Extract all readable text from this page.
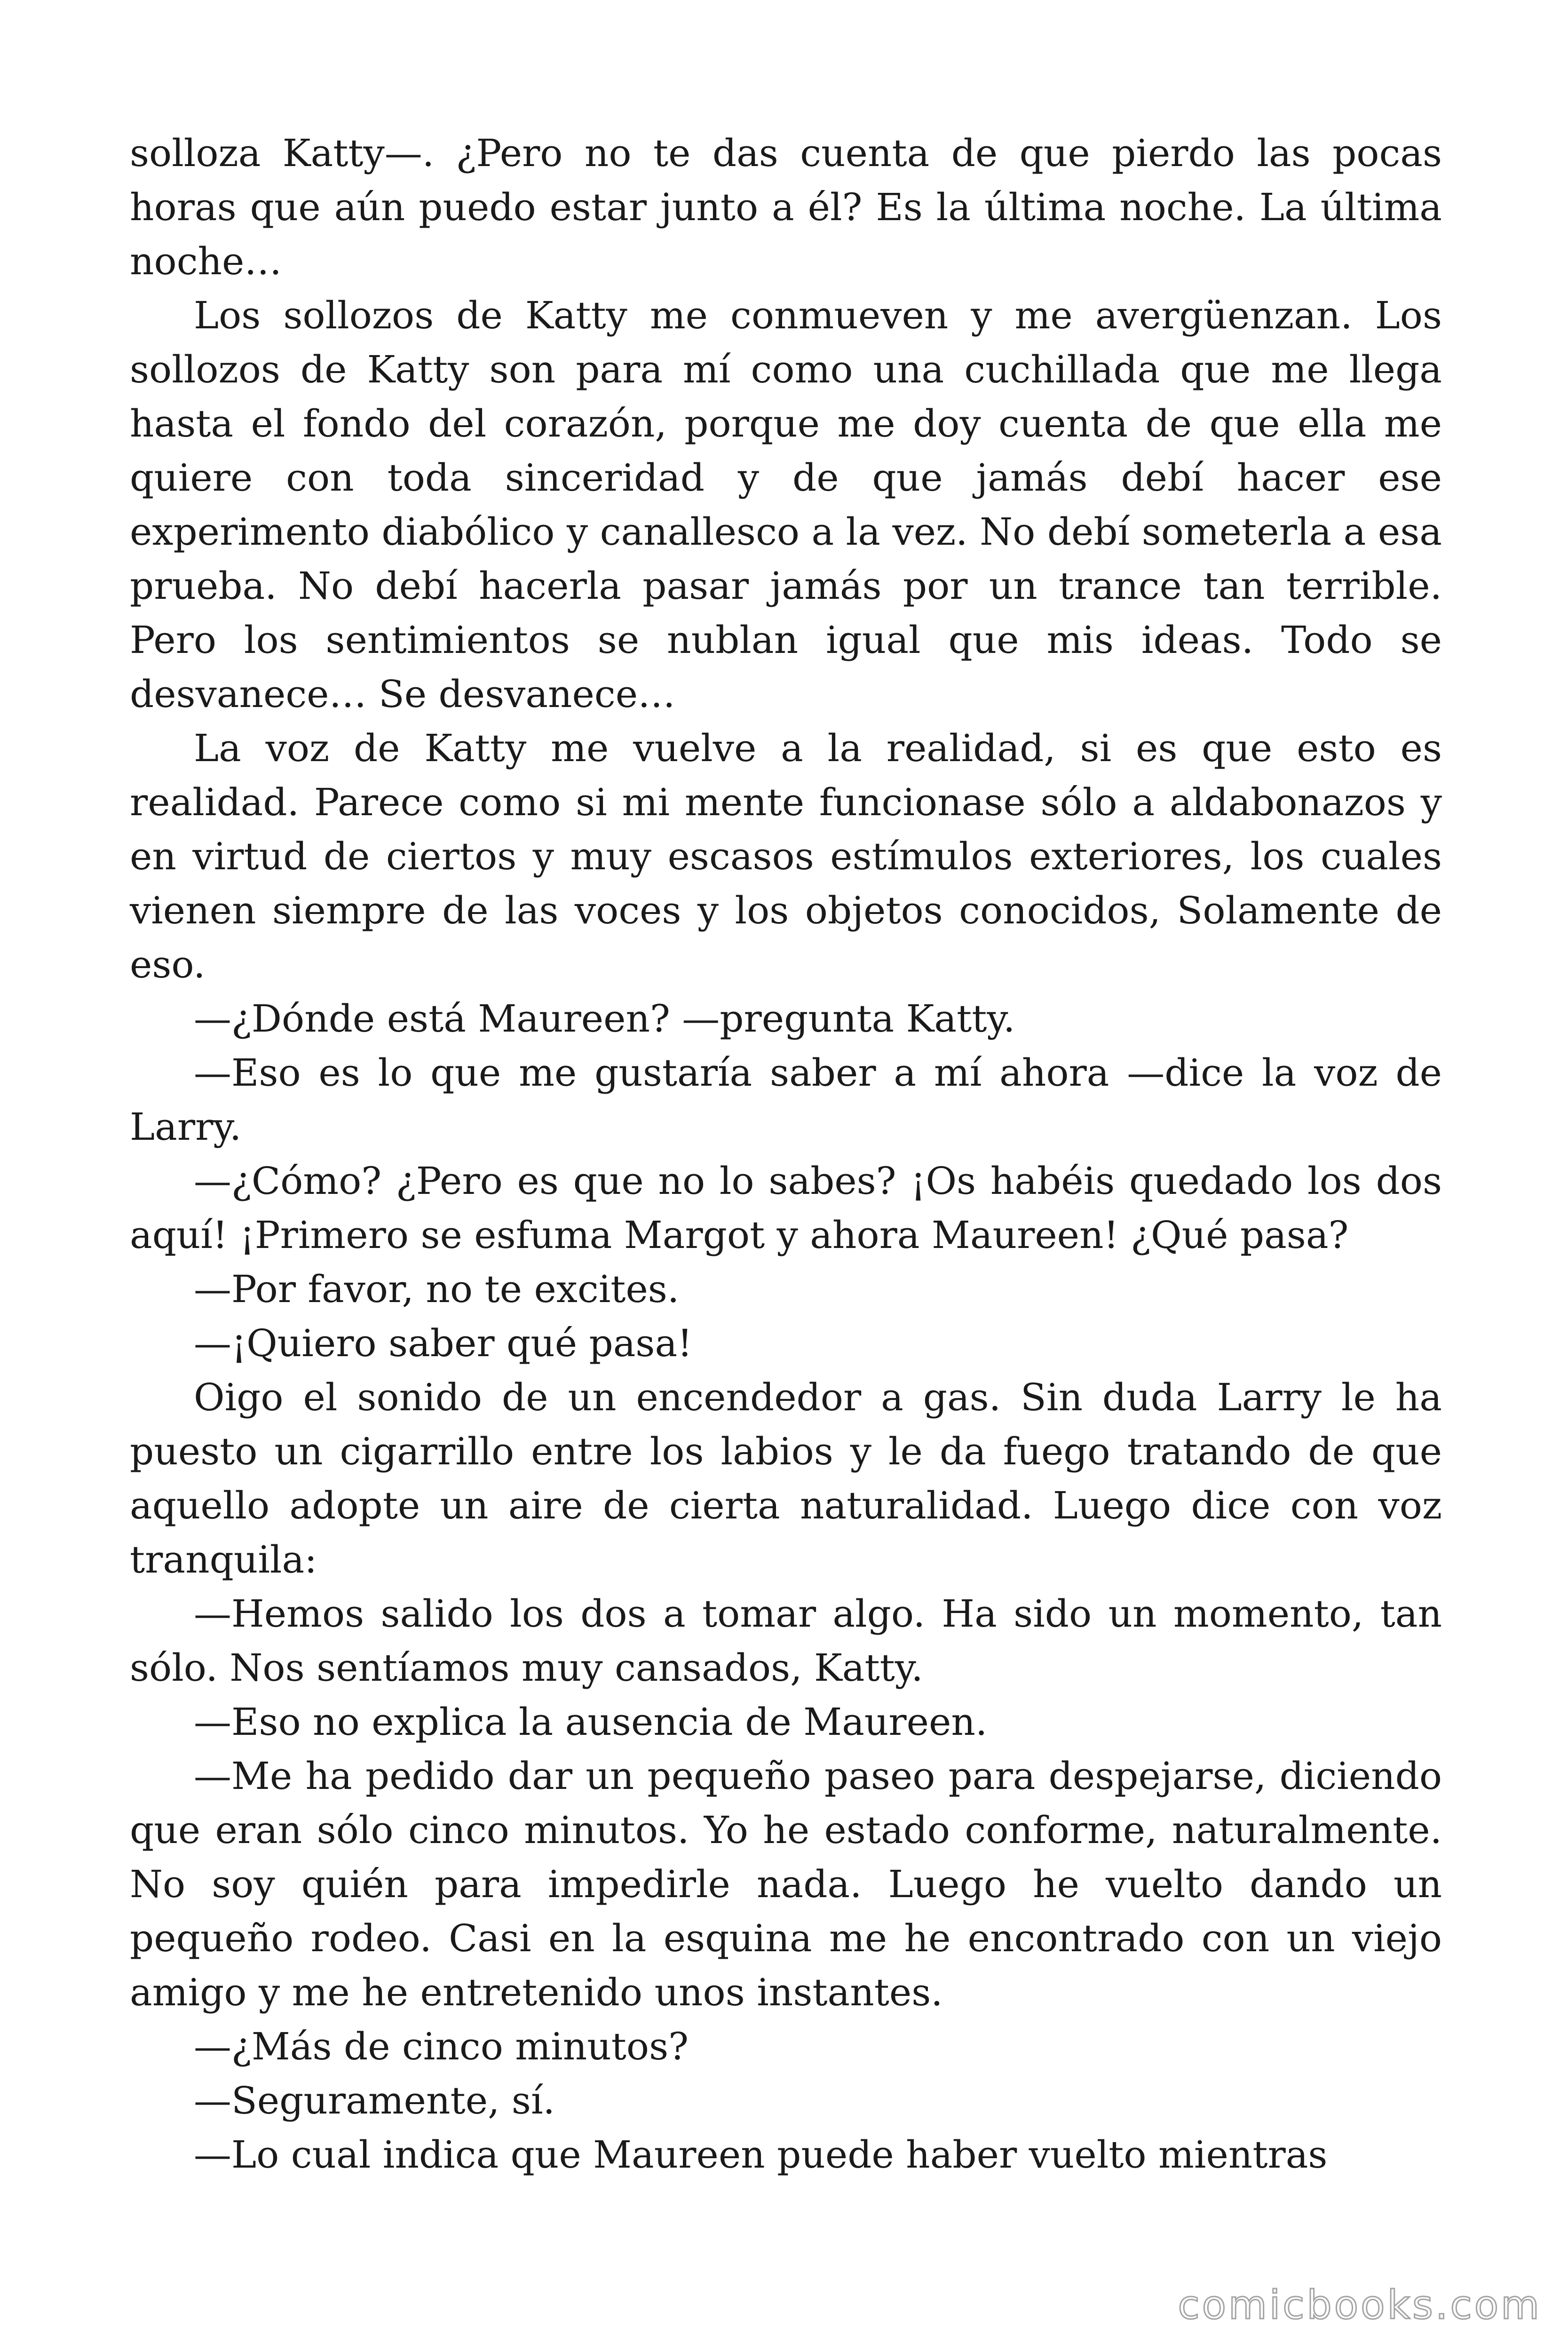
solloza Katty—. ¿Pero no te das cuenta de que pierdo las pocas horas que aún puedo estar junto a él? Es la última noche. La última noche…

Los sollozos de Katty me conmueven y me avergüenzan. Los sollozos de Katty son para mí como una cuchillada que me llega hasta el fondo del corazón, porque me doy cuenta de que ella me quiere con toda sinceridad y de que jamás debí hacer ese experimento diabólico y canallesco a la vez. No debí someterla a esa prueba. No debí hacerla pasar jamás por un trance tan terrible. Pero los sentimientos se nublan igual que mis ideas. Todo se desvanece… Se desvanece…

La voz de Katty me vuelve a la realidad, si es que esto es realidad. Parece como si mi mente funcionase sólo a aldabonazos y en virtud de ciertos y muy escasos estímulos exteriores, los cuales vienen siempre de las voces y los objetos conocidos, Solamente de eso.

—¿Dónde está Maureen? —pregunta Katty.

—Eso es lo que me gustaría saber a mí ahora —dice la voz de Larry.

—¿Cómo? ¿Pero es que no lo sabes? ¡Os habéis quedado los dos aquí! ¡Primero se esfuma Margot y ahora Maureen! ¿Qué pasa?

—Por favor, no te excites.

—¡Quiero saber qué pasa!

Oigo el sonido de un encendedor a gas. Sin duda Larry le ha puesto un cigarrillo entre los labios y le da fuego tratando de que aquello adopte un aire de cierta naturalidad. Luego dice con voz tranquila:

—Hemos salido los dos a tomar algo. Ha sido un momento, tan sólo. Nos sentíamos muy cansados, Katty.

—Eso no explica la ausencia de Maureen.

—Me ha pedido dar un pequeño paseo para despejarse, diciendo que eran sólo cinco minutos. Yo he estado conforme, naturalmente. No soy quién para impedirle nada. Luego he vuelto dando un pequeño rodeo. Casi en la esquina me he encontrado con un viejo amigo y me he entretenido unos instantes.

—¿Más de cinco minutos?

—Seguramente, sí.

—Lo cual indica que Maureen puede haber vuelto mientras

comicbooks.com
